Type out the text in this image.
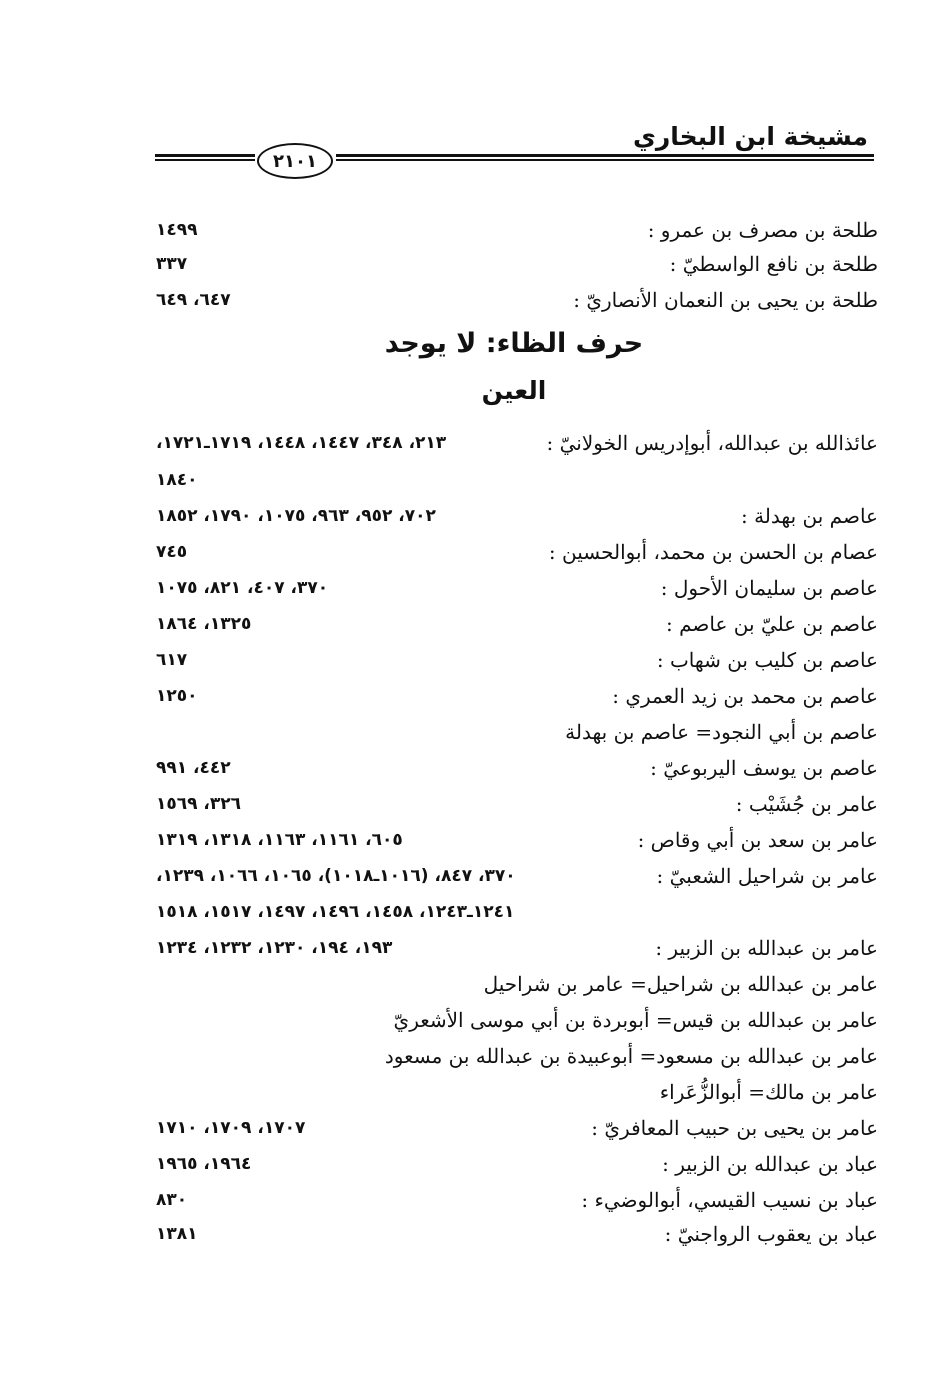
مشيخة ابن البخاري
٢١٠١
طلحة بن مصرف بن عمرو :
١٤٩٩
طلحة بن نافع الواسطيّ :
٣٣٧
طلحة بن يحيى بن النعمان الأنصاريّ :
٦٤٧، ٦٤٩
حرف الظاء: لا يوجد
العين
عائذالله بن عبدالله، أبوإدريس الخولانيّ :
٢١٣، ٣٤٨، ١٤٤٧، ١٤٤٨، ١٧١٩ـ١٧٢١،
١٨٤٠
عاصم بن بهدلة :
٧٠٢، ٩٥٢، ٩٦٣، ١٠٧٥، ١٧٩٠، ١٨٥٢
عصام بن الحسن بن محمد، أبوالحسين :
٧٤٥
عاصم بن سليمان الأحول :
٣٧٠، ٤٠٧، ٨٢١، ١٠٧٥
عاصم بن عليّ بن عاصم :
١٣٢٥، ١٨٦٤
عاصم بن كليب بن شهاب :
٦١٧
عاصم بن محمد بن زيد العمري :
١٢٥٠
عاصم بن أبي النجود= عاصم بن بهدلة
عاصم بن يوسف اليربوعيّ :
٤٤٢، ٩٩١
عامر بن جُشَيْب :
٣٢٦، ١٥٦٩
عامر بن سعد بن أبي وقاص :
٦٠٥، ١١٦١، ١١٦٣، ١٣١٨، ١٣١٩
عامر بن شراحيل الشعبيّ :
٣٧٠، ٨٤٧، (١٠١٦ـ١٠١٨)، ١٠٦٥، ١٠٦٦، ١٢٣٩،
١٢٤١ـ١٢٤٣، ١٤٥٨، ١٤٩٦، ١٤٩٧، ١٥١٧، ١٥١٨
عامر بن عبدالله بن الزبير :
١٩٣، ١٩٤، ١٢٣٠، ١٢٣٢، ١٢٣٤
عامر بن عبدالله بن شراحيل= عامر بن شراحيل
عامر بن عبدالله بن قيس= أبوبردة بن أبي موسى الأشعريّ
عامر بن عبدالله بن مسعود= أبوعبيدة بن عبدالله بن مسعود
عامر بن مالك= أبوالزُّعَراء
عامر بن يحيى بن حبيب المعافريّ :
١٧٠٧، ١٧٠٩، ١٧١٠
عباد بن عبدالله بن الزبير :
١٩٦٤، ١٩٦٥
عباد بن نسيب القيسي، أبوالوضيء :
٨٣٠
عباد بن يعقوب الرواجنيّ :
١٣٨١
